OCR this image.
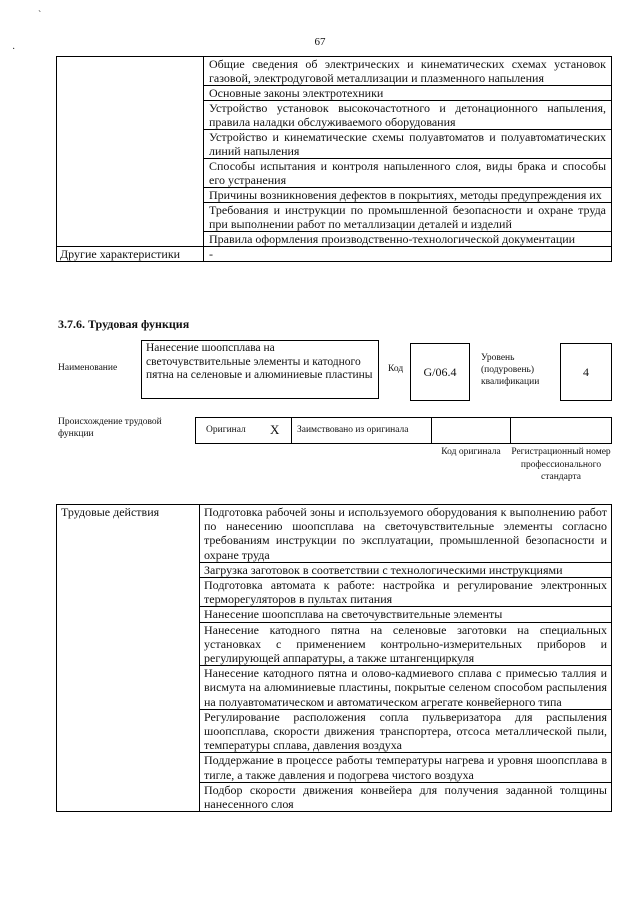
`
·
67
	Общие сведения об электрических и кинематических схемах установок газовой, электродуговой металлизации и плазменного напыления
	Основные законы электротехники
	Устройство установок высокочастотного и детонационного напыления, правила наладки обслуживаемого оборудования
	Устройство и кинематические схемы полуавтоматов и полуавтоматических линий напыления
	Способы испытания и контроля напыленного слоя, виды брака и способы его устранения
	Причины возникновения дефектов в покрытиях, методы предупреждения их
	Требования и инструкции по промышленной безопасности и охране труда при выполнении работ по металлизации деталей и изделий
	Правила оформления производственно-технологической документации
Другие характеристики	-
3.7.6. Трудовая функция
Наименование
Нанесение шоопсплава на светочувствительные элементы и катодного пятна на селеновые и алюминиевые пластины	Код	G/06.4
Уровень (подуровень) квалификации
4
Происхождение трудовой функции	Оригинал X Заимствовано из оригинала
Код оригинала Регистрационный номер профессионального стандарта
Трудовые действия	Подготовка рабочей зоны и используемого оборудования к выполнению работ по нанесению шоопсплава на светочувствительные элементы согласно требованиям инструкции по эксплуатации, промышленной безопасности и охране труда
Загрузка заготовок в соответствии с технологическими инструкциями
Подготовка автомата к работе: настройка и регулирование электронных терморегуляторов в пультах питания
Нанесение шоопсплава на светочувствительные элементы
Нанесение катодного пятна на селеновые заготовки на специальных установках с применением контрольно-измерительных приборов и регулирующей аппаратуры, а также штангенциркуля
Нанесение катодного пятна и олово-кадмиевого сплава с примесью таллия и висмута на алюминиевые пластины, покрытые селеном способом распыления на полуавтоматическом и автоматическом агрегате конвейерного типа
Регулирование расположения сопла пульверизатора для распыления шоопсплава, скорости движения транспортера, отсоса металлической пыли, температуры сплава, давления воздуха
Поддержание в процессе работы температуры нагрева и уровня шоопсплава в тигле, а также давления и подогрева чистого воздуха
Подбор скорости движения конвейера для получения заданной толщины нанесенного слоя
